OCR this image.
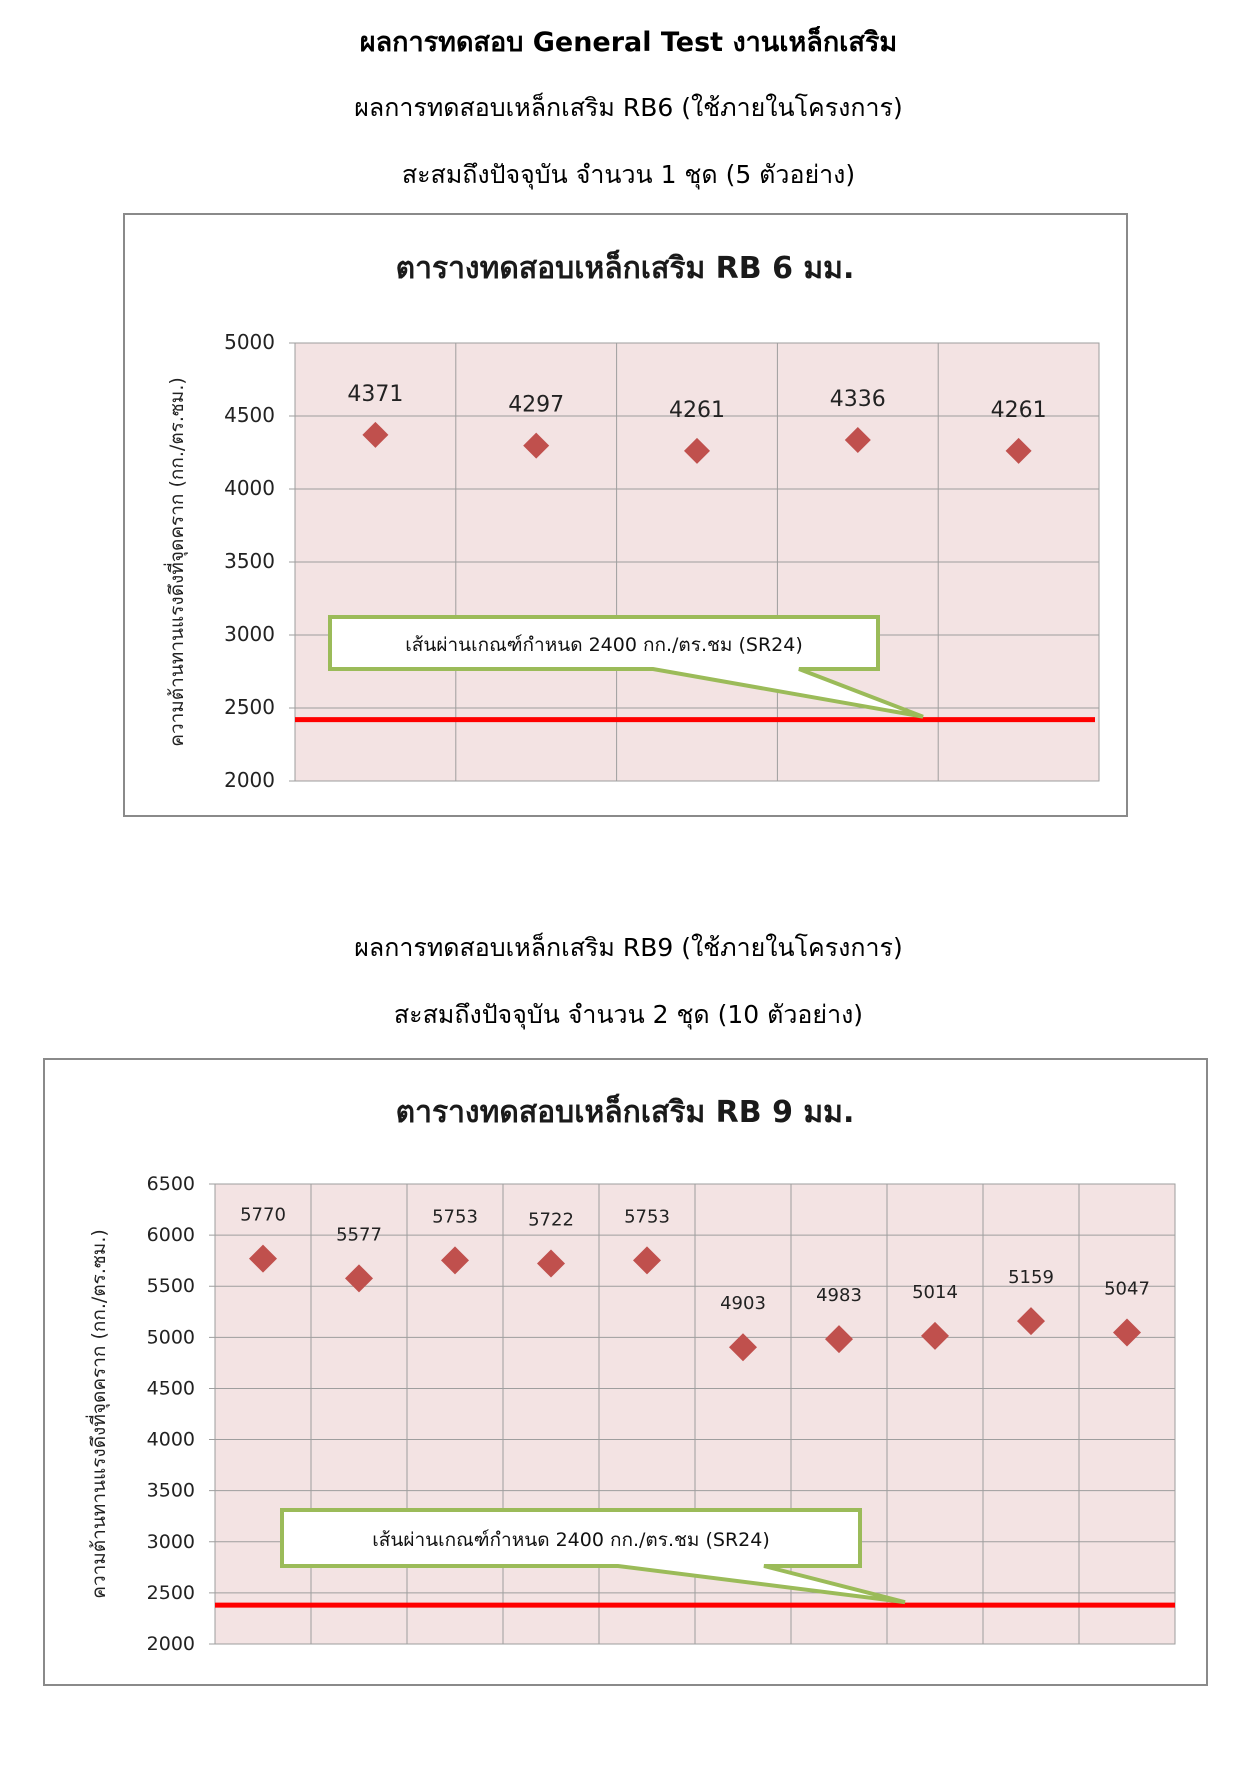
ผลการทดสอบ General Test งานเหล็กเสริม
ผลการทดสอบเหล็กเสริม RB6 (ใช้ภายในโครงการ)
สะสมถึงปัจจุบัน จำนวน 1 ชุด (5 ตัวอย่าง)
ตารางทดสอบเหล็กเสริม RB 6 มม.
2000
2500
3000
3500
4000
4500
5000
ความต้านทานแรงดึงที่จุดคราก (กก./ตร.ซม.)	4371	4297	4261	4336	4261
เส้นผ่านเกณฑ์กำหนด 2400 กก./ตร.ชม (SR24)
ผลการทดสอบเหล็กเสริม RB9 (ใช้ภายในโครงการ)
สะสมถึงปัจจุบัน จำนวน 2 ชุด (10 ตัวอย่าง)
ตารางทดสอบเหล็กเสริม RB 9 มม.
2000
2500
3000
3500
4000
4500
5000
5500
6000
6500
ความต้านทานแรงดึงที่จุดคราก (กก./ตร.ซม.)
5770
5577
5753	5722	5753
4903	4983	5014
5159
5047
เส้นผ่านเกณฑ์กำหนด 2400 กก./ตร.ชม (SR24)
